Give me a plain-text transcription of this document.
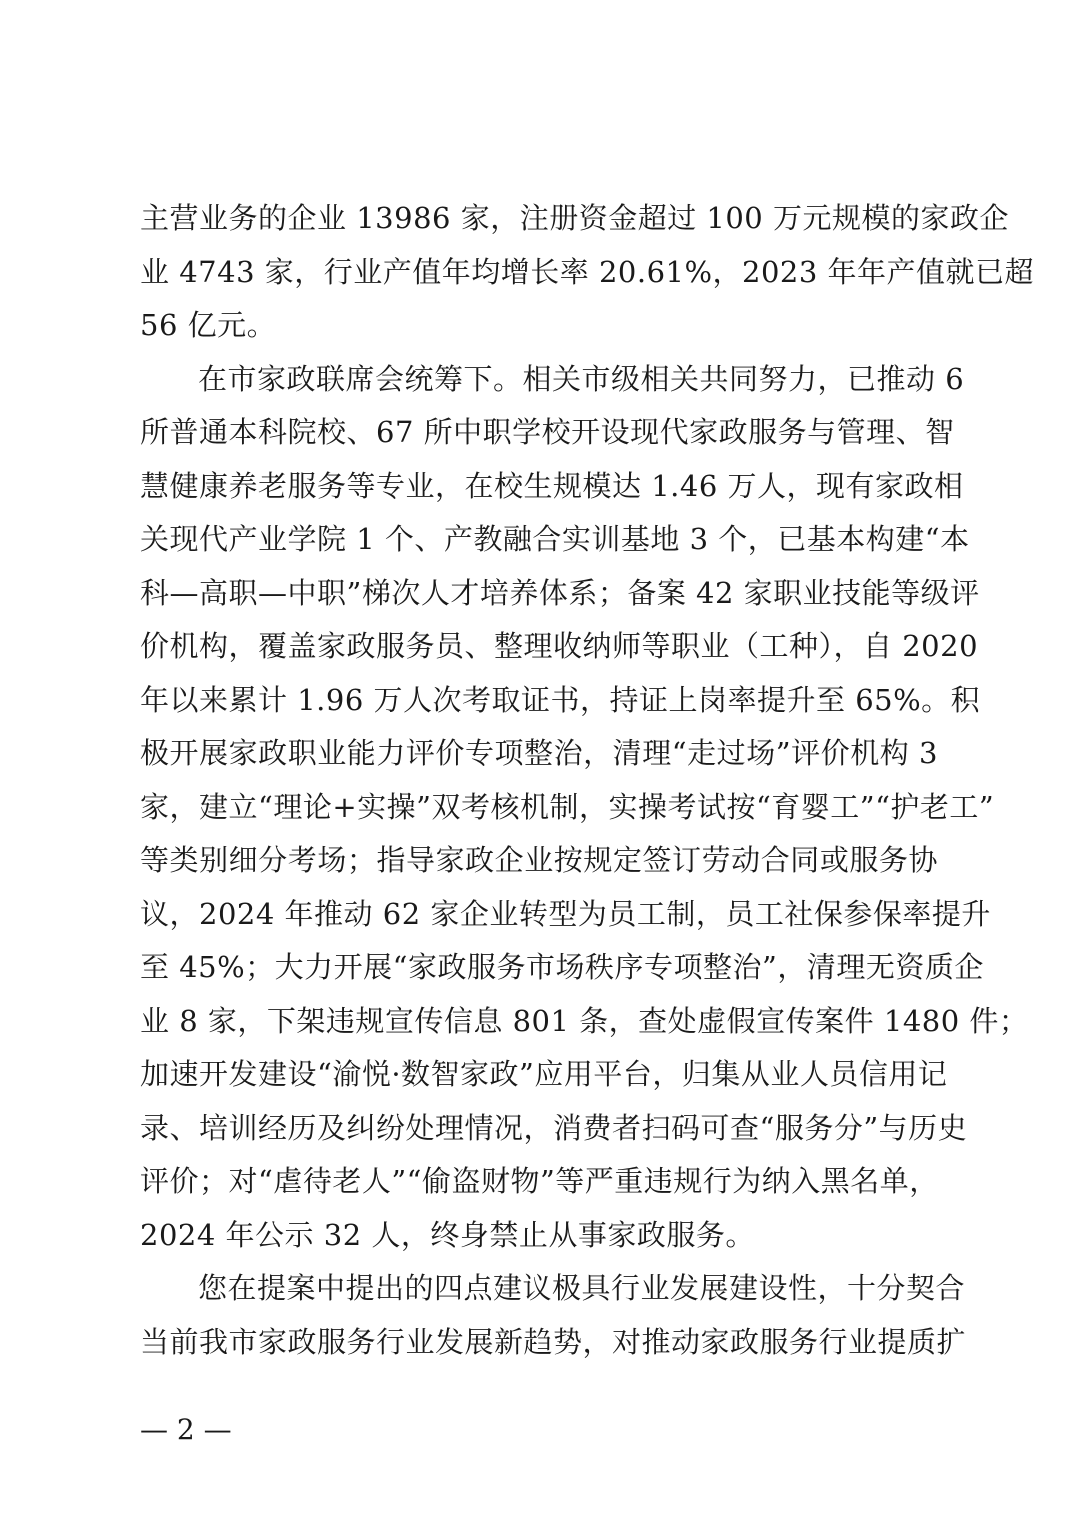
主营业务的企业 13986 家，注册资金超过 100 万元规模的家政企
业 4743 家，行业产值年均增长率 20.61%，2023 年年产值就已超
56 亿元。
在市家政联席会统筹下。相关市级相关共同努力，已推动 6
所普通本科院校、67 所中职学校开设现代家政服务与管理、智
慧健康养老服务等专业，在校生规模达 1.46 万人，现有家政相
关现代产业学院 1 个、产教融合实训基地 3 个，已基本构建“本
科—高职—中职”梯次人才培养体系；备案 42 家职业技能等级评
价机构，覆盖家政服务员、整理收纳师等职业（工种），自 2020
年以来累计 1.96 万人次考取证书，持证上岗率提升至 65%。积
极开展家政职业能力评价专项整治，清理“走过场”评价机构 3
家，建立“理论+实操”双考核机制，实操考试按“育婴工”“护老工”
等类别细分考场；指导家政企业按规定签订劳动合同或服务协
议，2024 年推动 62 家企业转型为员工制，员工社保参保率提升
至 45%；大力开展“家政服务市场秩序专项整治”，清理无资质企
业 8 家，下架违规宣传信息 801 条，查处虚假宣传案件 1480 件；
加速开发建设“渝悦·数智家政”应用平台，归集从业人员信用记
录、培训经历及纠纷处理情况，消费者扫码可查“服务分”与历史
评价；对“虐待老人”“偷盗财物”等严重违规行为纳入黑名单，
2024 年公示 32 人，终身禁止从事家政服务。
您在提案中提出的四点建议极具行业发展建设性，十分契合
当前我市家政服务行业发展新趋势，对推动家政服务行业提质扩
— 2 —
